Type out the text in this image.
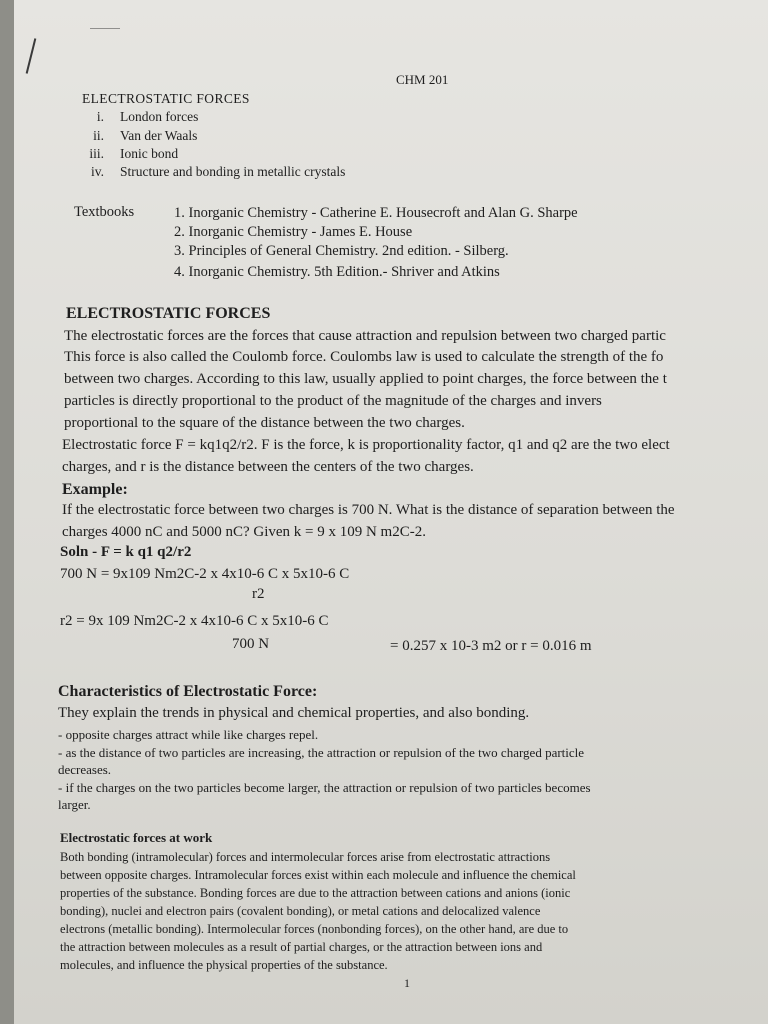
CHM 201
ELECTROSTATIC FORCES
i. London forces
ii. Van der Waals
iii. Ionic bond
iv. Structure and bonding in metallic crystals
Textbooks	1. Inorganic Chemistry - Catherine E. Housecroft and Alan G. Sharpe
2. Inorganic Chemistry - James E. House
3. Principles of General Chemistry. 2nd edition. - Silberg.
4. Inorganic Chemistry. 5th Edition.- Shriver and Atkins
ELECTROSTATIC FORCES
The electrostatic forces are the forces that cause attraction and repulsion between two charged partic
This force is also called the Coulomb force. Coulombs law is used to calculate the strength of the fo
between two charges. According to this law, usually applied to point charges, the force between the t
particles is directly proportional to the product of the magnitude of the charges and invers
proportional to the square of the distance between the two charges.
Electrostatic force F = kq1q2/r2. F is the force, k is proportionality factor, q1 and q2 are the two elect
charges, and r is the distance between the centers of the two charges.
Example:
If the electrostatic force between two charges is 700 N. What is the distance of separation between the
charges 4000 nC and 5000 nC? Given k = 9 x 109 N m2C-2.
Soln - F = k q1 q2/r2
700 N = 9x109 Nm2C-2 x 4x10-6 C x 5x10-6 C
r2
r2 = 9x 109 Nm2C-2 x 4x10-6 C x 5x10-6 C
700 N	= 0.257 x 10-3 m2 or r = 0.016 m
Characteristics of Electrostatic Force:
They explain the trends in physical and chemical properties, and also bonding.
- opposite charges attract while like charges repel.
- as the distance of two particles are increasing, the attraction or repulsion of the two charged particle
decreases.
- if the charges on the two particles become larger, the attraction or repulsion of two particles becomes
larger.
Electrostatic forces at work
Both bonding (intramolecular) forces and intermolecular forces arise from electrostatic attractions
between opposite charges. Intramolecular forces exist within each molecule and influence the chemical
properties of the substance. Bonding forces are due to the attraction between cations and anions (ionic
bonding), nuclei and electron pairs (covalent bonding), or metal cations and delocalized valence
electrons (metallic bonding). Intermolecular forces (nonbonding forces), on the other hand, are due to
the attraction between molecules as a result of partial charges, or the attraction between ions and
molecules, and influence the physical properties of the substance.
1
